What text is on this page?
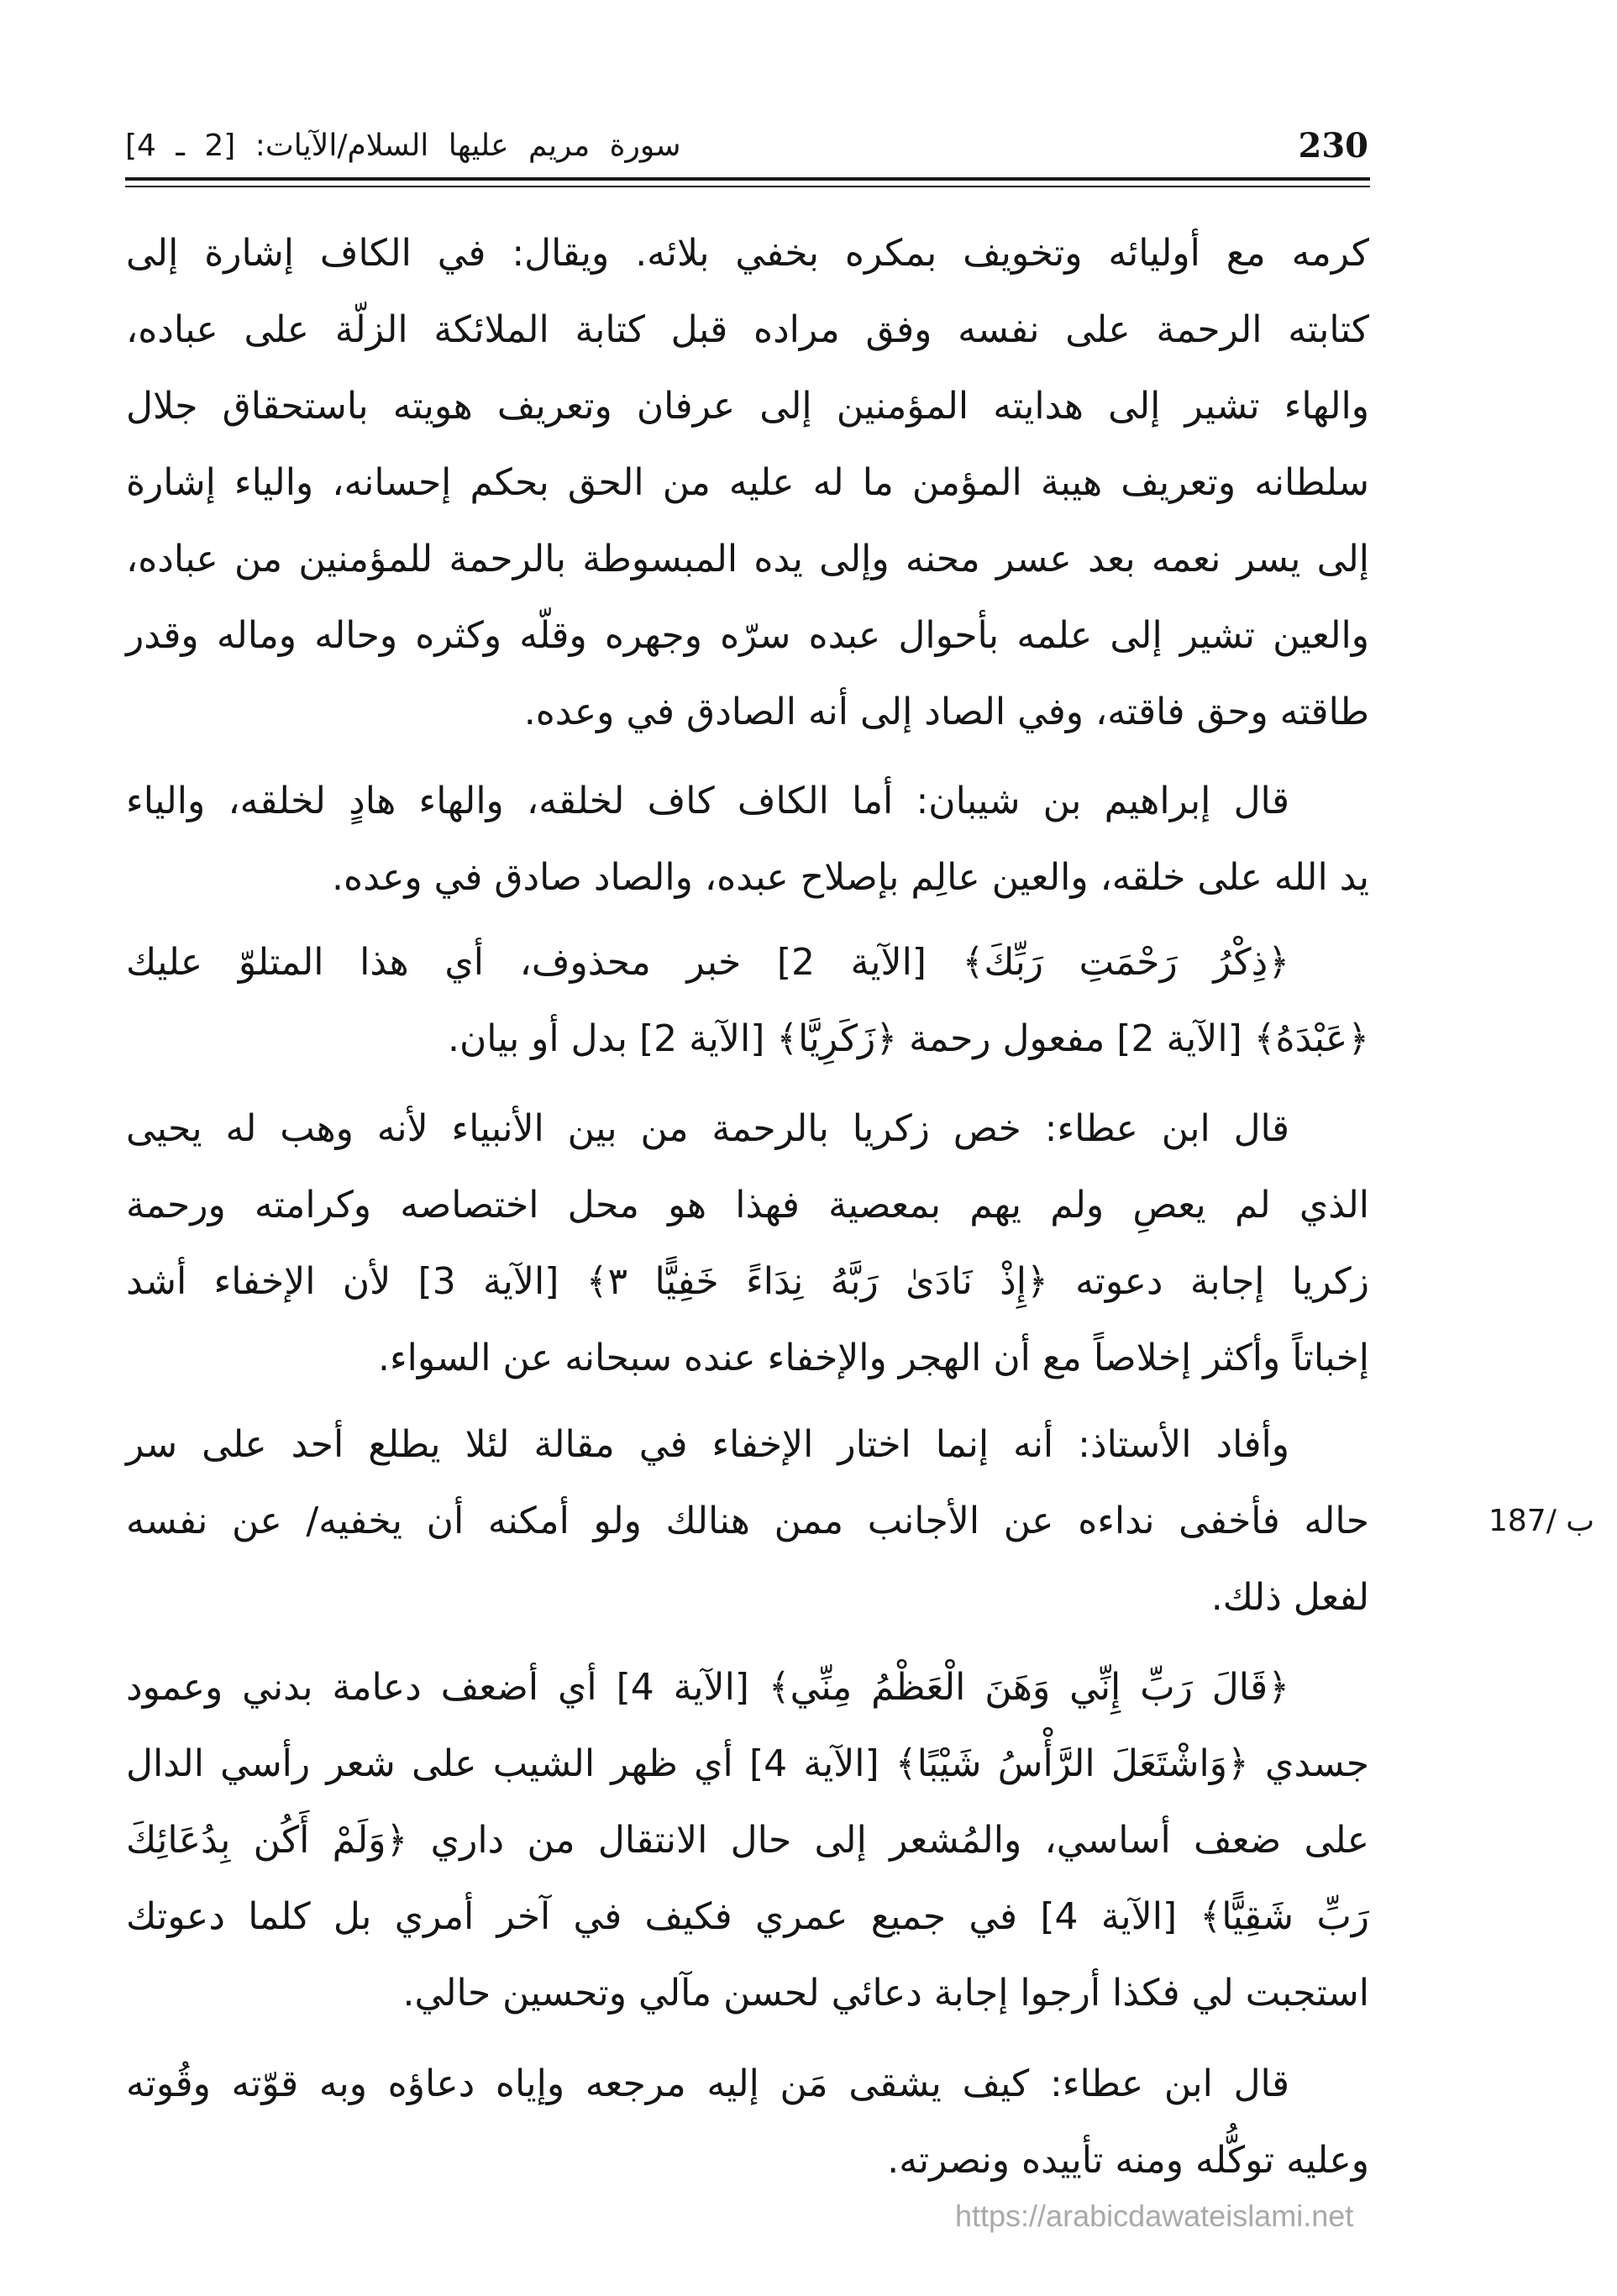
230
سورة مريم عليها السلام/الآيات: [2 ـ 4]
كرمه مع أوليائه وتخويف بمكره بخفي بلائه. ويقال: في الكاف إشارة إلى
كتابته الرحمة على نفسه وفق مراده قبل كتابة الملائكة الزلّة على عباده،
والهاء تشير إلى هدايته المؤمنين إلى عرفان وتعريف هويته باستحقاق جلال
سلطانه وتعريف هيبة المؤمن ما له عليه من الحق بحكم إحسانه، والياء إشارة
إلى يسر نعمه بعد عسر محنه وإلى يده المبسوطة بالرحمة للمؤمنين من عباده،
والعين تشير إلى علمه بأحوال عبده سرّه وجهره وقلّه وكثره وحاله وماله وقدر
طاقته وحق فاقته، وفي الصاد إلى أنه الصادق في وعده.
قال إبراهيم بن شيبان: أما الكاف كاف لخلقه، والهاء هادٍ لخلقه، والياء
يد الله على خلقه، والعين عالِم بإصلاح عبده، والصاد صادق في وعده.
﴿ذِكْرُ رَحْمَتِ رَبِّكَ﴾ [الآية 2] خبر محذوف، أي هذا المتلوّ عليك
﴿عَبْدَهُ﴾ [الآية 2] مفعول رحمة ﴿زَكَرِيَّا﴾ [الآية 2] بدل أو بيان.
قال ابن عطاء: خص زكريا بالرحمة من بين الأنبياء لأنه وهب له يحيى
الذي لم يعصِ ولم يهم بمعصية فهذا هو محل اختصاصه وكرامته ورحمة
زكريا إجابة دعوته ﴿إِذْ نَادَىٰ رَبَّهُ نِدَاءً خَفِيًّا ٣﴾ [الآية 3] لأن الإخفاء أشد
إخباتاً وأكثر إخلاصاً مع أن الهجر والإخفاء عنده سبحانه عن السواء.
وأفاد الأستاذ: أنه إنما اختار الإخفاء في مقالة لئلا يطلع أحد على سر
حاله فأخفى نداءه عن الأجانب ممن هنالك ولو أمكنه أن يخفيه/ عن نفسه
لفعل ذلك.
187/ ب
﴿قَالَ رَبِّ إِنِّي وَهَنَ الْعَظْمُ مِنِّي﴾ [الآية 4] أي أضعف دعامة بدني وعمود
جسدي ﴿وَاشْتَعَلَ الرَّأْسُ شَيْبًا﴾ [الآية 4] أي ظهر الشيب على شعر رأسي الدال
على ضعف أساسي، والمُشعر إلى حال الانتقال من داري ﴿وَلَمْ أَكُن بِدُعَائِكَ
رَبِّ شَقِيًّا﴾ [الآية 4] في جميع عمري فكيف في آخر أمري بل كلما دعوتك
استجبت لي فكذا أرجوا إجابة دعائي لحسن مآلي وتحسين حالي.
قال ابن عطاء: كيف يشقى مَن إليه مرجعه وإياه دعاؤه وبه قوّته وقُوته
وعليه توكُّله ومنه تأييده ونصرته.
https://arabicdawateislami.net
